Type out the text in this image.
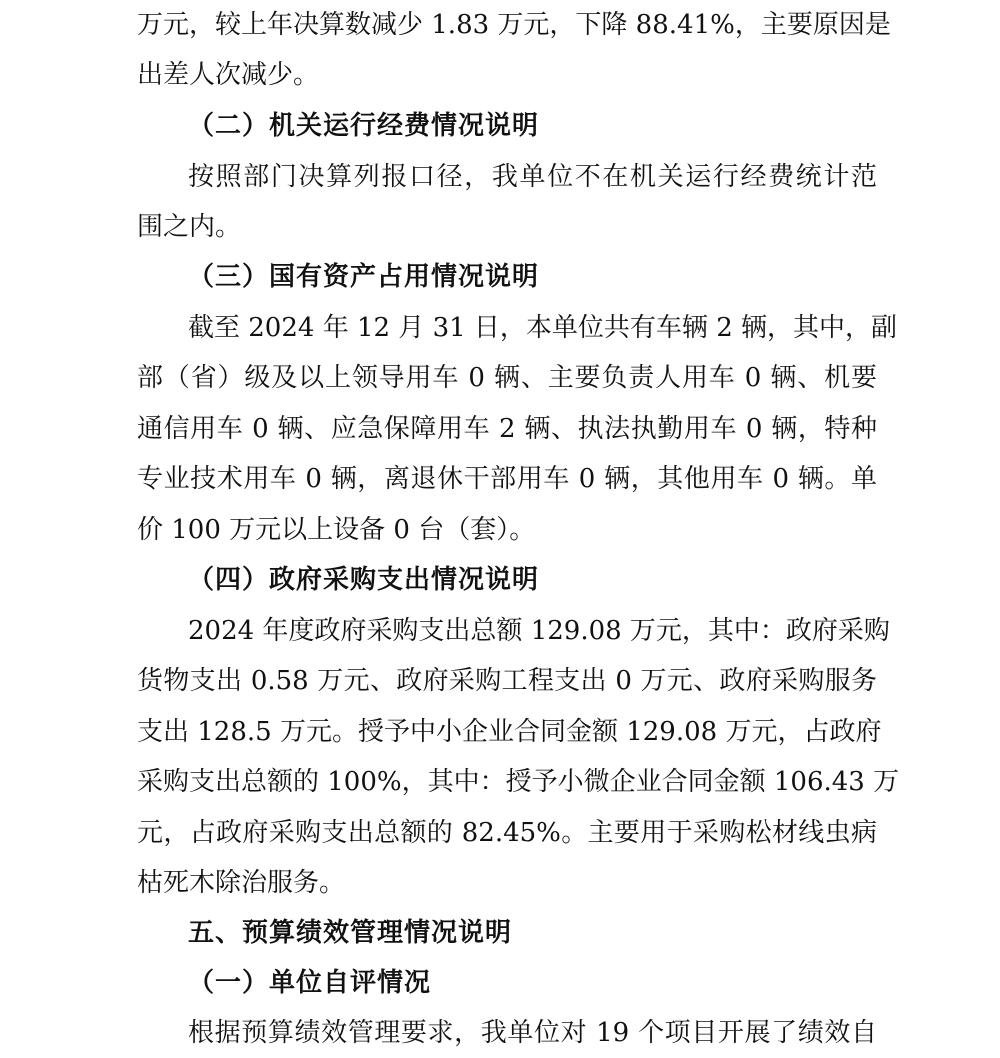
万元，较上年决算数减少 1.83 万元，下降 88.41%，主要原因是
出差人次减少。
（二）机关运行经费情况说明
按照部门决算列报口径，我单位不在机关运行经费统计范
围之内。
（三）国有资产占用情况说明
截至 2024 年 12 月 31 日，本单位共有车辆 2 辆，其中，副
部（省）级及以上领导用车 0 辆、主要负责人用车 0 辆、机要
通信用车 0 辆、应急保障用车 2 辆、执法执勤用车 0 辆，特种
专业技术用车 0 辆，离退休干部用车 0 辆，其他用车 0 辆。单
价 100 万元以上设备 0 台（套）。
（四）政府采购支出情况说明
2024 年度政府采购支出总额 129.08 万元，其中：政府采购
货物支出 0.58 万元、政府采购工程支出 0 万元、政府采购服务
支出 128.5 万元。授予中小企业合同金额 129.08 万元，占政府
采购支出总额的 100%，其中：授予小微企业合同金额 106.43 万
元，占政府采购支出总额的 82.45%。主要用于采购松材线虫病
枯死木除治服务。
五、预算绩效管理情况说明
（一）单位自评情况
根据预算绩效管理要求，我单位对 19 个项目开展了绩效自
